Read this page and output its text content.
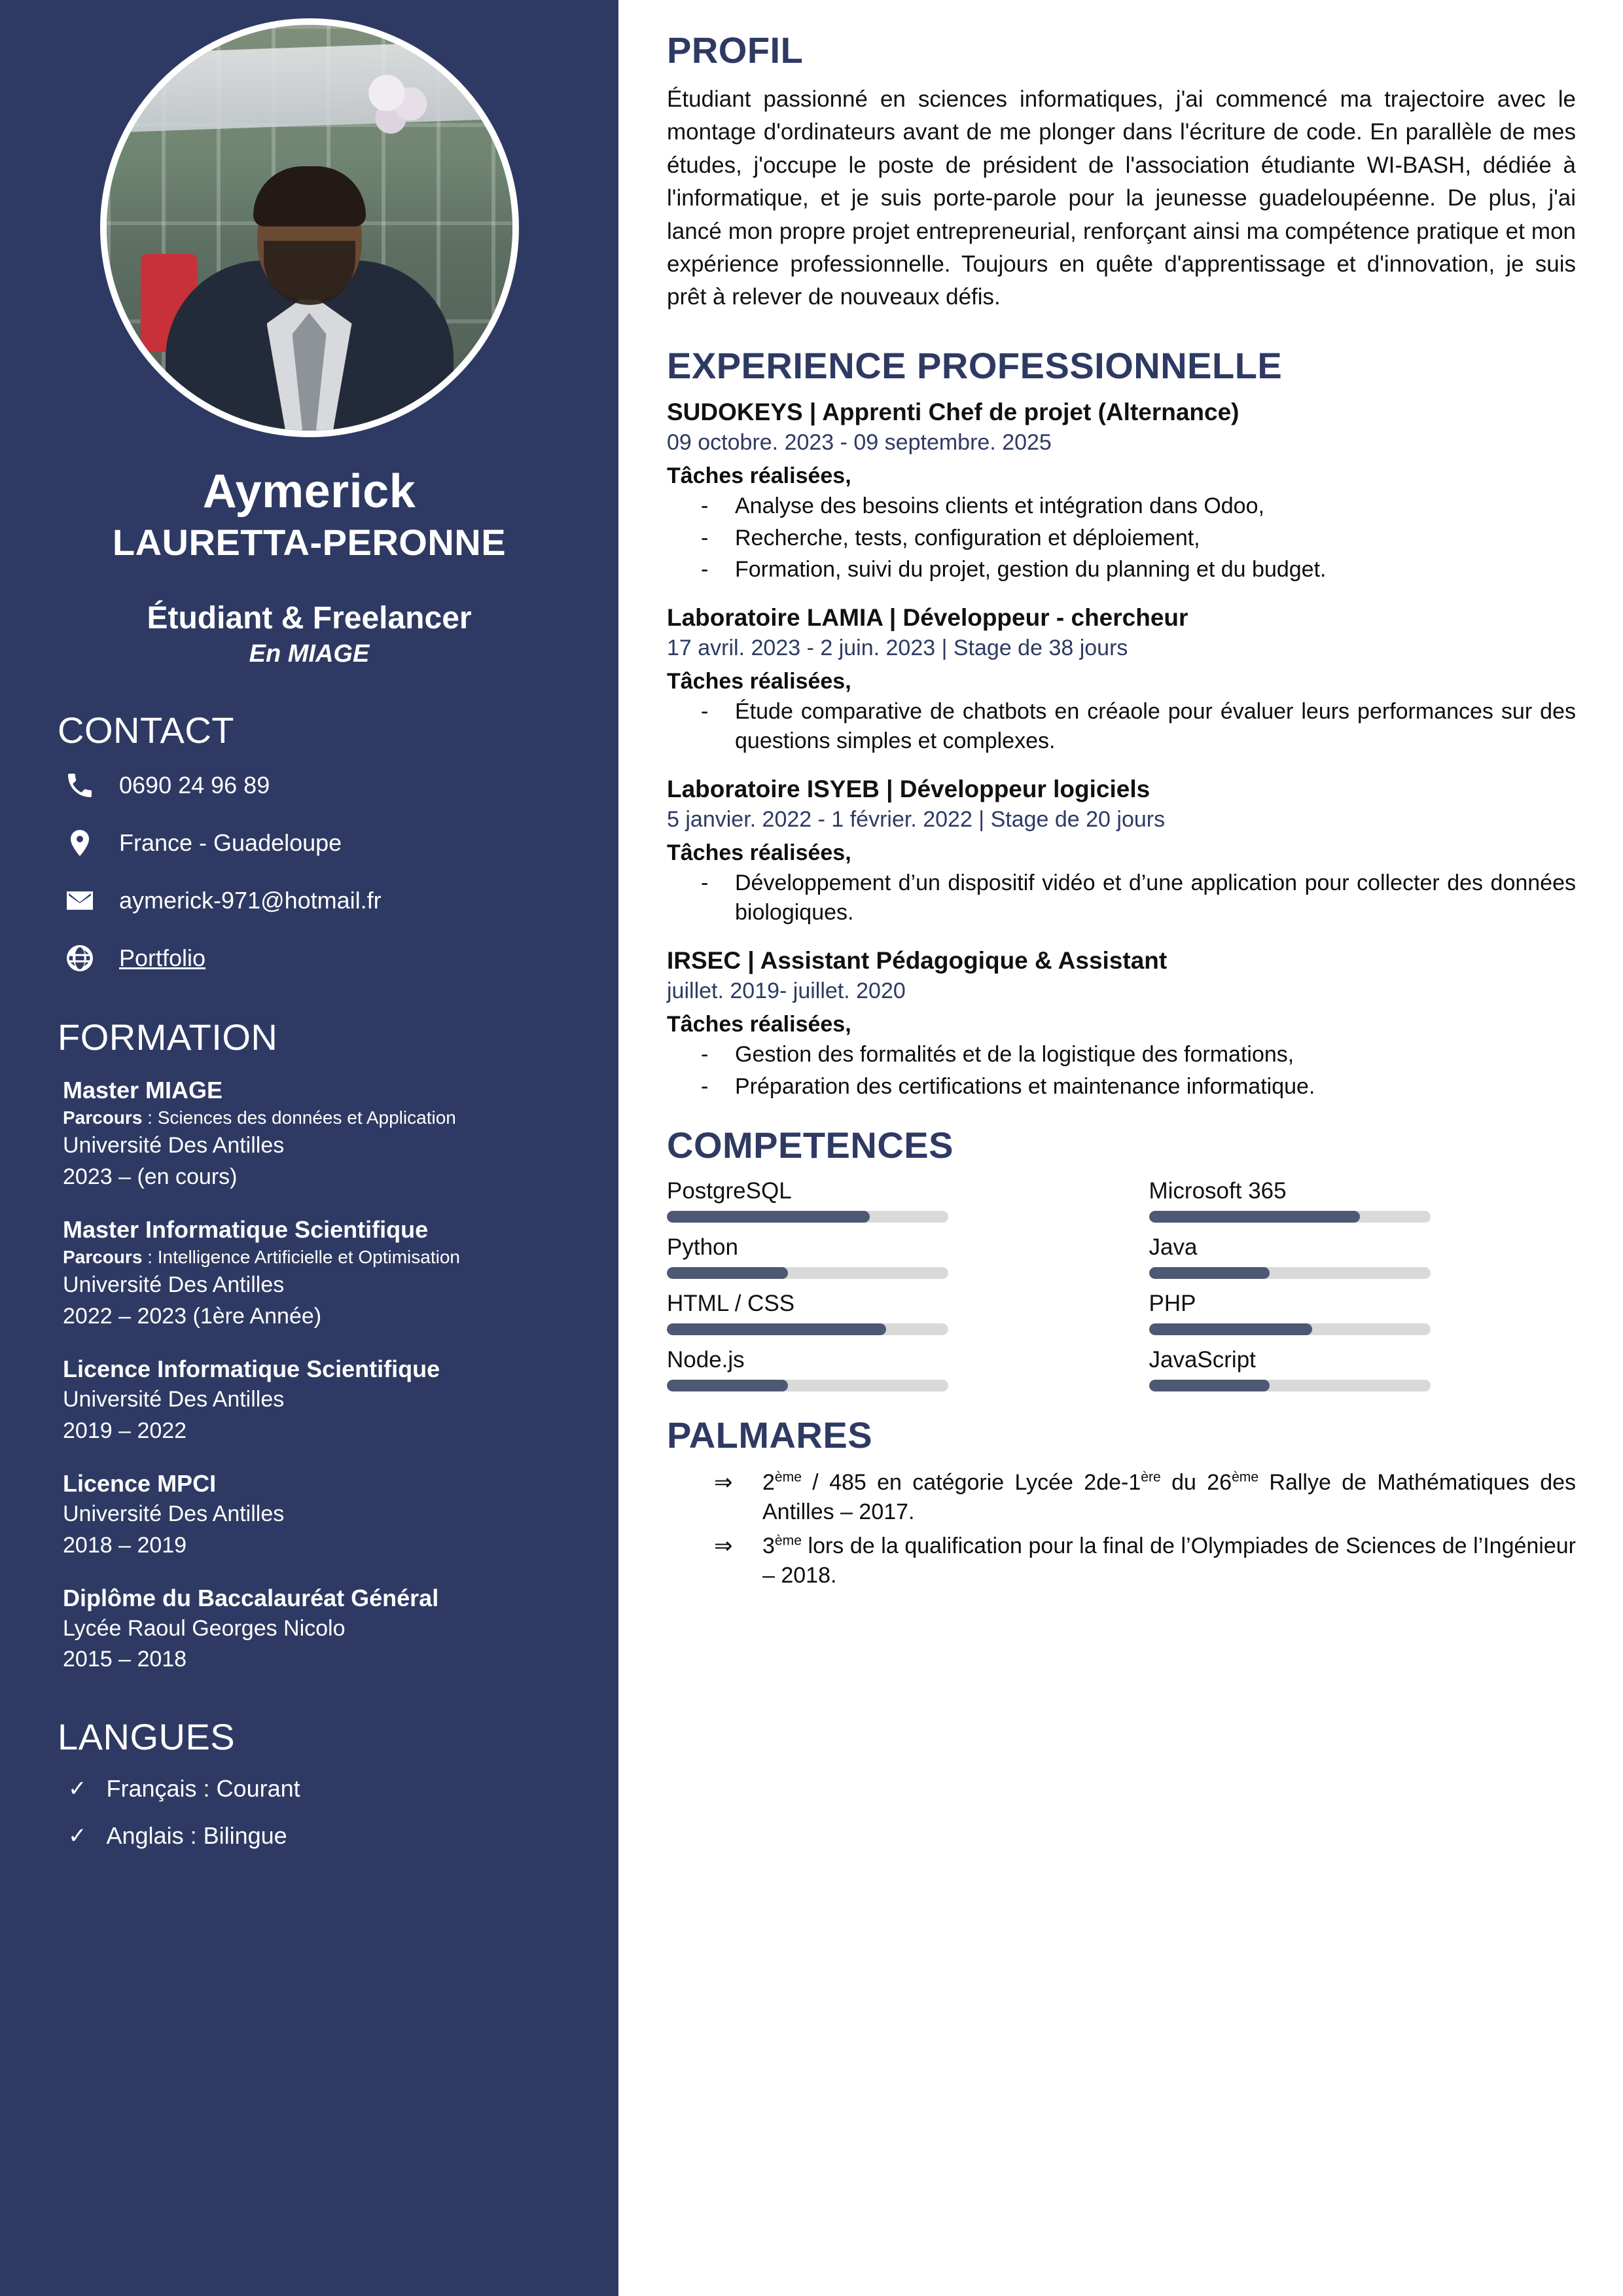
Aymerick
LAURETTA-PERONNE
Étudiant & Freelancer
En MIAGE
CONTACT
0690 24 96 89
France - Guadeloupe
aymerick-971@hotmail.fr
Portfolio
FORMATION
Master MIAGE
Parcours : Sciences des données et Application
Université Des Antilles
2023 – (en cours)
Master Informatique Scientifique
Parcours : Intelligence Artificielle et Optimisation
Université Des Antilles
2022 – 2023 (1ère Année)
Licence Informatique Scientifique
Université Des Antilles
2019 – 2022
Licence MPCI
Université Des Antilles
2018 – 2019
Diplôme du Baccalauréat Général
Lycée Raoul Georges Nicolo
2015 – 2018
LANGUES
✓ Français : Courant
✓ Anglais : Bilingue
PROFIL

Étudiant passionné en sciences informatiques, j'ai commencé ma trajectoire avec le montage d'ordinateurs avant de me plonger dans l'écriture de code. En parallèle de mes études, j'occupe le poste de président de l'association étudiante WI-BASH, dédiée à l'informatique, et je suis porte-parole pour la jeunesse guadeloupéenne. De plus, j'ai lancé mon propre projet entrepreneurial, renforçant ainsi ma compétence pratique et mon expérience professionnelle. Toujours en quête d'apprentissage et d'innovation, je suis prêt à relever de nouveaux défis.

EXPERIENCE PROFESSIONNELLE
SUDOKEYS | Apprenti Chef de projet (Alternance)
09 octobre. 2023 - 09 septembre. 2025
Tâches réalisées,
- Analyse des besoins clients et intégration dans Odoo,
- Recherche, tests, configuration et déploiement,
- Formation, suivi du projet, gestion du planning et du budget.
Laboratoire LAMIA | Développeur - chercheur
17 avril. 2023 - 2 juin. 2023 | Stage de 38 jours
Tâches réalisées,
- Étude comparative de chatbots en créaole pour évaluer leurs performances sur des questions simples et complexes.
Laboratoire ISYEB | Développeur logiciels
5 janvier. 2022 - 1 février. 2022 | Stage de 20 jours
Tâches réalisées,
- Développement d’un dispositif vidéo et d’une application pour collecter des données biologiques.
IRSEC | Assistant Pédagogique & Assistant
juillet. 2019- juillet. 2020
Tâches réalisées,
- Gestion des formalités et de la logistique des formations,
- Préparation des certifications et maintenance informatique.
COMPETENCES
PostgreSQL	Microsoft 365
Python	Java
HTML / CSS	PHP
Node.js	JavaScript
PALMARES
⇒ 2ème / 485 en catégorie Lycée 2de-1ère du 26ème Rallye de Mathématiques des Antilles – 2017.
⇒ 3ème lors de la qualification pour la final de l’Olympiades de Sciences de l’Ingénieur – 2018.
